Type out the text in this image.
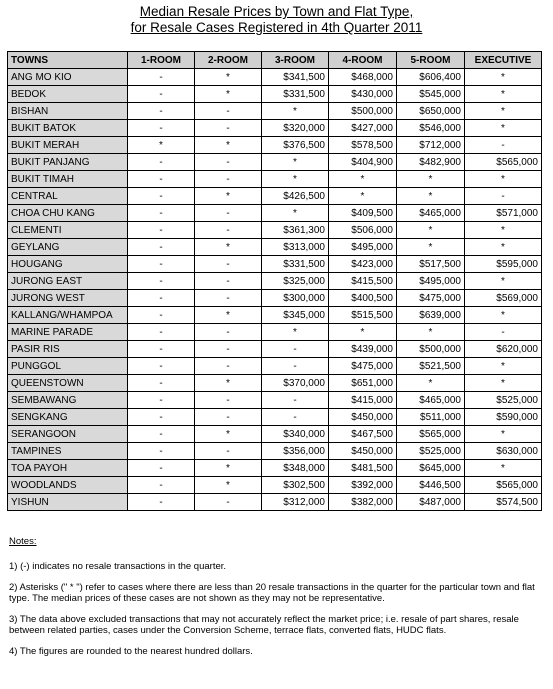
Median Resale Prices by Town and Flat Type,
for Resale Cases Registered in 4th Quarter 2011
TOWNS	1-ROOM	2-ROOM	3-ROOM	4-ROOM	5-ROOM	EXECUTIVE
ANG MO KIO	-	*	$341,500	$468,000	$606,400	*
BEDOK	-	*	$331,500	$430,000	$545,000	*
BISHAN	-	-	*	$500,000	$650,000	*
BUKIT BATOK	-	-	$320,000	$427,000	$546,000	*
BUKIT MERAH	*	*	$376,500	$578,500	$712,000	-
BUKIT PANJANG	-	-	*	$404,900	$482,900	$565,000
BUKIT TIMAH	-	-	*	*	*	*
CENTRAL	-	*	$426,500	*	*	-
CHOA CHU KANG	-	-	*	$409,500	$465,000	$571,000
CLEMENTI	-	-	$361,300	$506,000	*	*
GEYLANG	-	*	$313,000	$495,000	*	*
HOUGANG	-	-	$331,500	$423,000	$517,500	$595,000
JURONG EAST	-	-	$325,000	$415,500	$495,000	*
JURONG WEST	-	-	$300,000	$400,500	$475,000	$569,000
KALLANG/WHAMPOA	-	*	$345,000	$515,500	$639,000	*
MARINE PARADE	-	-	*	*	*	-
PASIR RIS	-	-	-	$439,000	$500,000	$620,000
PUNGGOL	-	-	-	$475,000	$521,500	*
QUEENSTOWN	-	*	$370,000	$651,000	*	*
SEMBAWANG	-	-	-	$415,000	$465,000	$525,000
SENGKANG	-	-	-	$450,000	$511,000	$590,000
SERANGOON	-	*	$340,000	$467,500	$565,000	*
TAMPINES	-	-	$356,000	$450,000	$525,000	$630,000
TOA PAYOH	-	*	$348,000	$481,500	$645,000	*
WOODLANDS	-	*	$302,500	$392,000	$446,500	$565,000
YISHUN	-	-	$312,000	$382,000	$487,000	$574,500
Notes:

1) (-) indicates no resale transactions in the quarter.

2) Asterisks (" * ") refer to cases where there are less than 20 resale transactions in the quarter for the particular town and flat type. The median prices of these cases are not shown as they may not be representative.

3) The data above excluded transactions that may not accurately reflect the market price; i.e. resale of part shares, resale between related parties, cases under the Conversion Scheme, terrace flats, converted flats, HUDC flats.

4) The figures are rounded to the nearest hundred dollars.
